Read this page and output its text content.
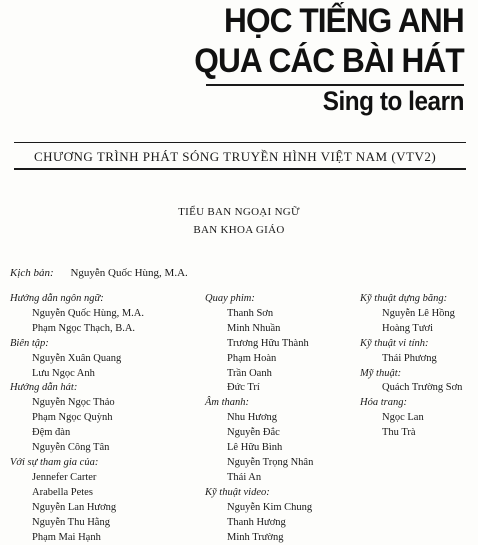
HỌC TIẾNG ANH
QUA CÁC BÀI HÁT
Sing to learn
CHƯƠNG TRÌNH PHÁT SÓNG TRUYỀN HÌNH VIỆT NAM (VTV2)
TIỂU BAN NGOẠI NGỮ
BAN KHOA GIÁO
Kịch bản: Nguyễn Quốc Hùng, M.A.
Hướng dẫn ngôn ngữ:
Nguyễn Quốc Hùng, M.A.
Phạm Ngọc Thạch, B.A.
Biên tập:
Nguyễn Xuân Quang
Lưu Ngọc Anh
Hướng dẫn hát:
Nguyễn Ngọc Thảo
Phạm Ngọc Quỳnh
Đệm đàn
Nguyễn Công Tân
Với sự tham gia của:
Jennefer Carter
Arabella Petes
Nguyễn Lan Hương
Nguyễn Thu Hằng
Phạm Mai Hạnh
Quay phim:
Thanh Sơn
Minh Nhuần
Trương Hữu Thành
Phạm Hoàn
Trần Oanh
Đức Trí
Âm thanh:
Nhu Hương
Nguyễn Đắc
Lê Hữu Bình
Nguyễn Trọng Nhân
Thái An
Kỹ thuật video:
Nguyễn Kim Chung
Thanh Hương
Minh Trường
Kỹ thuật dựng băng:
Nguyễn Lê Hồng
Hoàng Tươi
Kỹ thuật vi tính:
Thái Phương
Mỹ thuật:
Quách Trường Sơn
Hóa trang:
Ngọc Lan
Thu Trà
